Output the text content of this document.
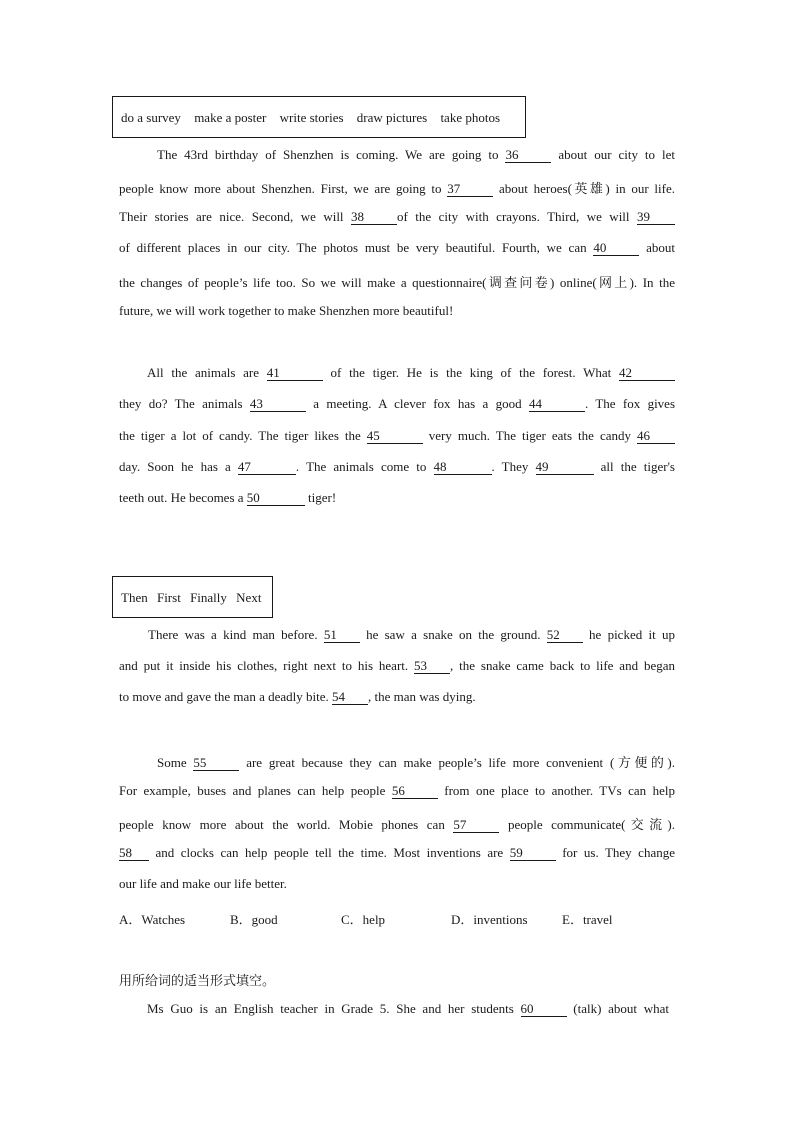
do a survey make a poster write stories draw pictures take photos
The 43rd birthday of Shenzhen is coming. We are going to 36	about our city to let
people know more about Shenzhen. First, we are going to 37	about heroes(英雄) in our life.
Their stories are nice. Second, we will 38	of the city with crayons. Third, we will 39
of different places in our city. The photos must be very beautiful. Fourth, we can 40	about
the changes of people’s life too. So we will make a questionnaire(调查问卷) online(网上). In the
future, we will work together to make Shenzhen more beautiful!
All the animals are 41	of the tiger. He is the king of the forest. What 42
they do? The animals 43	a meeting. A clever fox has a good 44	. The fox gives
the tiger a lot of candy. The tiger likes the 45	very much. The tiger eats the candy 46
day. Soon he has a 47	. The animals come to 48	. They 49	all the tiger's
teeth out. He becomes a 50	tiger!
Then First Finally Next
There was a kind man before. 51 he saw a snake on the ground. 52 he picked it up
and put it inside his clothes, right next to his heart. 53 , the snake came back to life and began
to move and gave the man a deadly bite. 54 , the man was dying.
Some 55	are great because they can make people’s life more convenient (方便的).
For example, buses and planes can help people 56	from one place to another. TVs can help
people know more about the world. Mobie phones can 57	people communicate(交流).
58 and clocks can help people tell the time. Most inventions are 59	for us. They change
our life and make our life better.
A．Watches	B．good	C．help	D．inventions	E．travel
用所给词的适当形式填空。
Ms Guo is an English teacher in Grade 5. She and her students 60	(talk) about what
